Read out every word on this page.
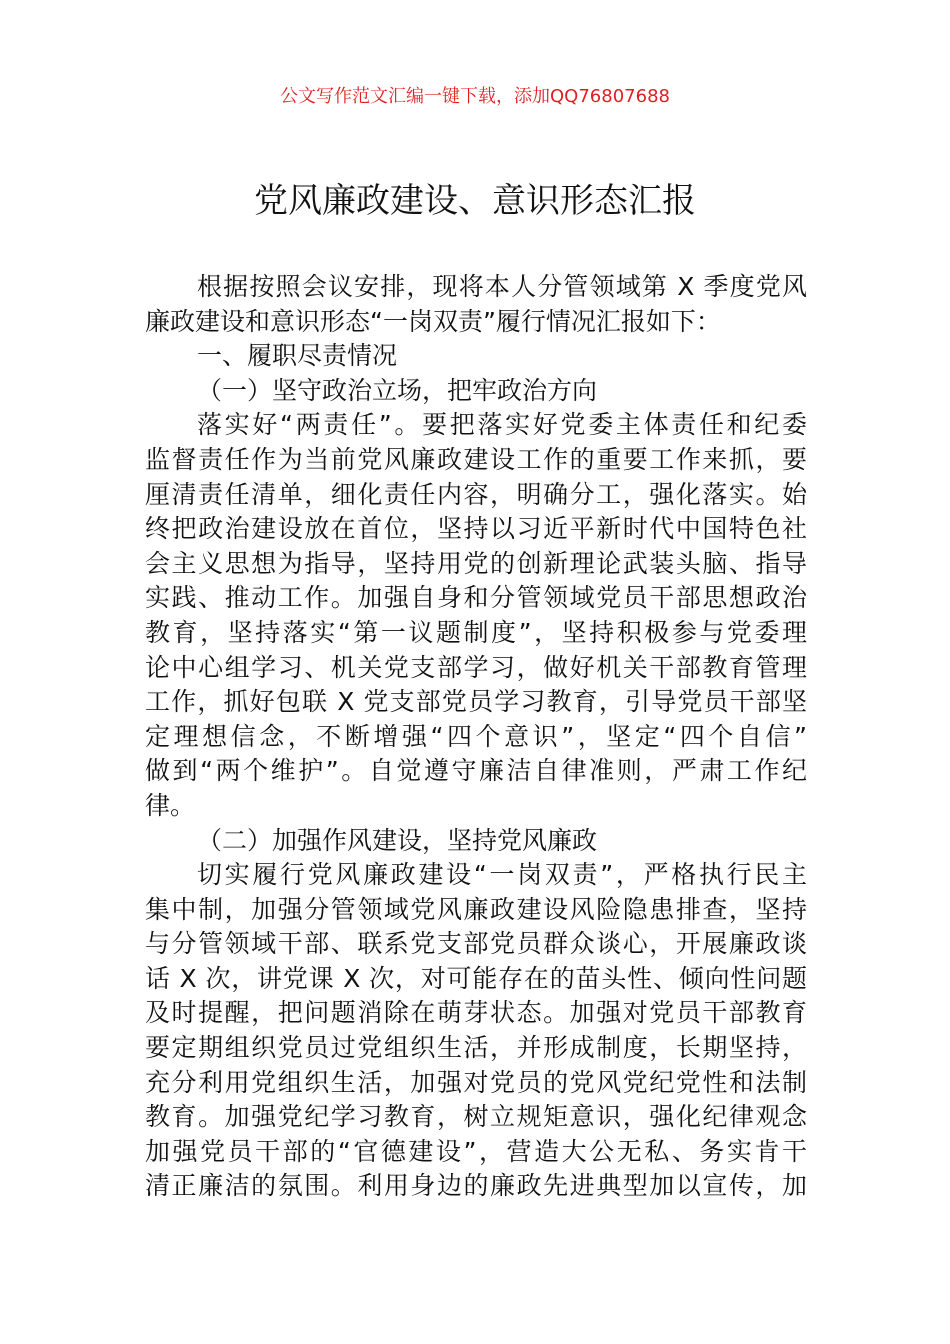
公文写作范文汇编一键下载，添加QQ76807688
党风廉政建设、意识形态汇报
根据按照会议安排，现将本人分管领域第 X 季度党风
廉政建设和意识形态“一岗双责”履行情况汇报如下：
一、履职尽责情况
（一）坚守政治立场，把牢政治方向
落实好“两责任”。要把落实好党委主体责任和纪委
监督责任作为当前党风廉政建设工作的重要工作来抓，要
厘清责任清单，细化责任内容，明确分工，强化落实。始
终把政治建设放在首位，坚持以习近平新时代中国特色社
会主义思想为指导，坚持用党的创新理论武装头脑、指导
实践、推动工作。加强自身和分管领域党员干部思想政治
教育，坚持落实“第一议题制度”，坚持积极参与党委理
论中心组学习、机关党支部学习，做好机关干部教育管理
工作，抓好包联 X 党支部党员学习教育，引导党员干部坚
定理想信念，不断增强“四个意识”，坚定“四个自信”
做到“两个维护”。自觉遵守廉洁自律准则，严肃工作纪
律。
（二）加强作风建设，坚持党风廉政
切实履行党风廉政建设“一岗双责”，严格执行民主
集中制，加强分管领域党风廉政建设风险隐患排查，坚持
与分管领域干部、联系党支部党员群众谈心，开展廉政谈
话 X 次，讲党课 X 次，对可能存在的苗头性、倾向性问题
及时提醒，把问题消除在萌芽状态。加强对党员干部教育
要定期组织党员过党组织生活，并形成制度，长期坚持，
充分利用党组织生活，加强对党员的党风党纪党性和法制
教育。加强党纪学习教育，树立规矩意识，强化纪律观念
加强党员干部的“官德建设”，营造大公无私、务实肯干
清正廉洁的氛围。利用身边的廉政先进典型加以宣传，加
